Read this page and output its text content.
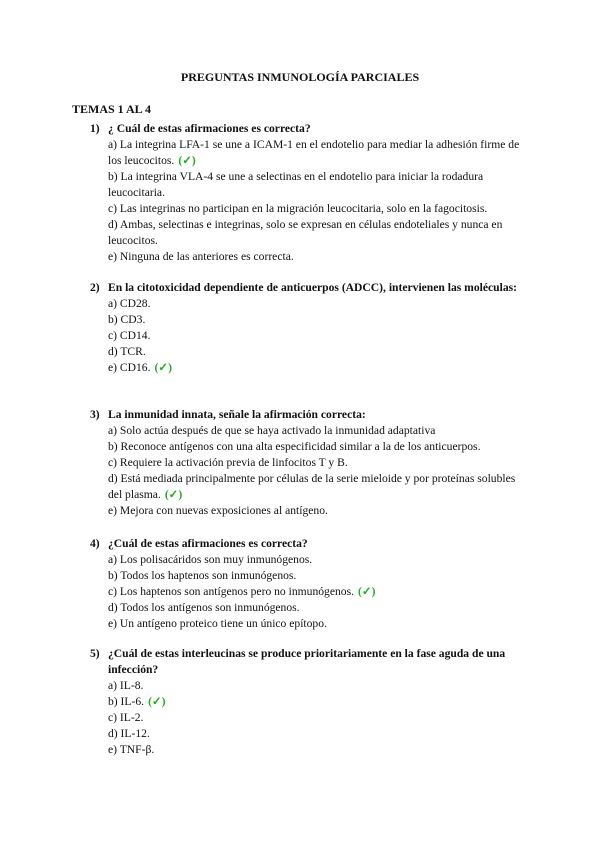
PREGUNTAS INMUNOLOGÍA PARCIALES
TEMAS 1 AL 4
1) ¿ Cuál de estas afirmaciones es correcta?
a) La integrina LFA-1 se une a ICAM-1 en el endotelio para mediar la adhesión firme de los leucocitos. (✓)
b) La integrina VLA-4 se une a selectinas en el endotelio para iniciar la rodadura leucocitaria.
c) Las integrinas no participan en la migración leucocitaria, solo en la fagocitosis.
d) Ambas, selectinas e integrinas, solo se expresan en células endoteliales y nunca en leucocitos.
e) Ninguna de las anteriores es correcta.
2) En la citotoxicidad dependiente de anticuerpos (ADCC), intervienen las moléculas:
a) CD28.
b) CD3.
c) CD14.
d) TCR.
e) CD16. (✓)
3) La inmunidad innata, señale la afirmación correcta:
a) Solo actúa después de que se haya activado la inmunidad adaptativa
b) Reconoce antígenos con una alta especificidad similar a la de los anticuerpos.
c) Requiere la activación previa de linfocitos T y B.
d) Está mediada principalmente por células de la serie mieloide y por proteínas solubles del plasma. (✓)
e) Mejora con nuevas exposiciones al antígeno.
4) ¿Cuál de estas afirmaciones es correcta?
a) Los polisacáridos son muy inmunógenos.
b) Todos los haptenos son inmunógenos.
c) Los haptenos son antígenos pero no inmunógenos. (✓)
d) Todos los antígenos son inmunógenos.
e) Un antígeno proteico tiene un único epítopo.
5) ¿Cuál de estas interleucinas se produce prioritariamente en la fase aguda de una infección?
a) IL-8.
b) IL-6. (✓)
c) IL-2.
d) IL-12.
e) TNF-β.
